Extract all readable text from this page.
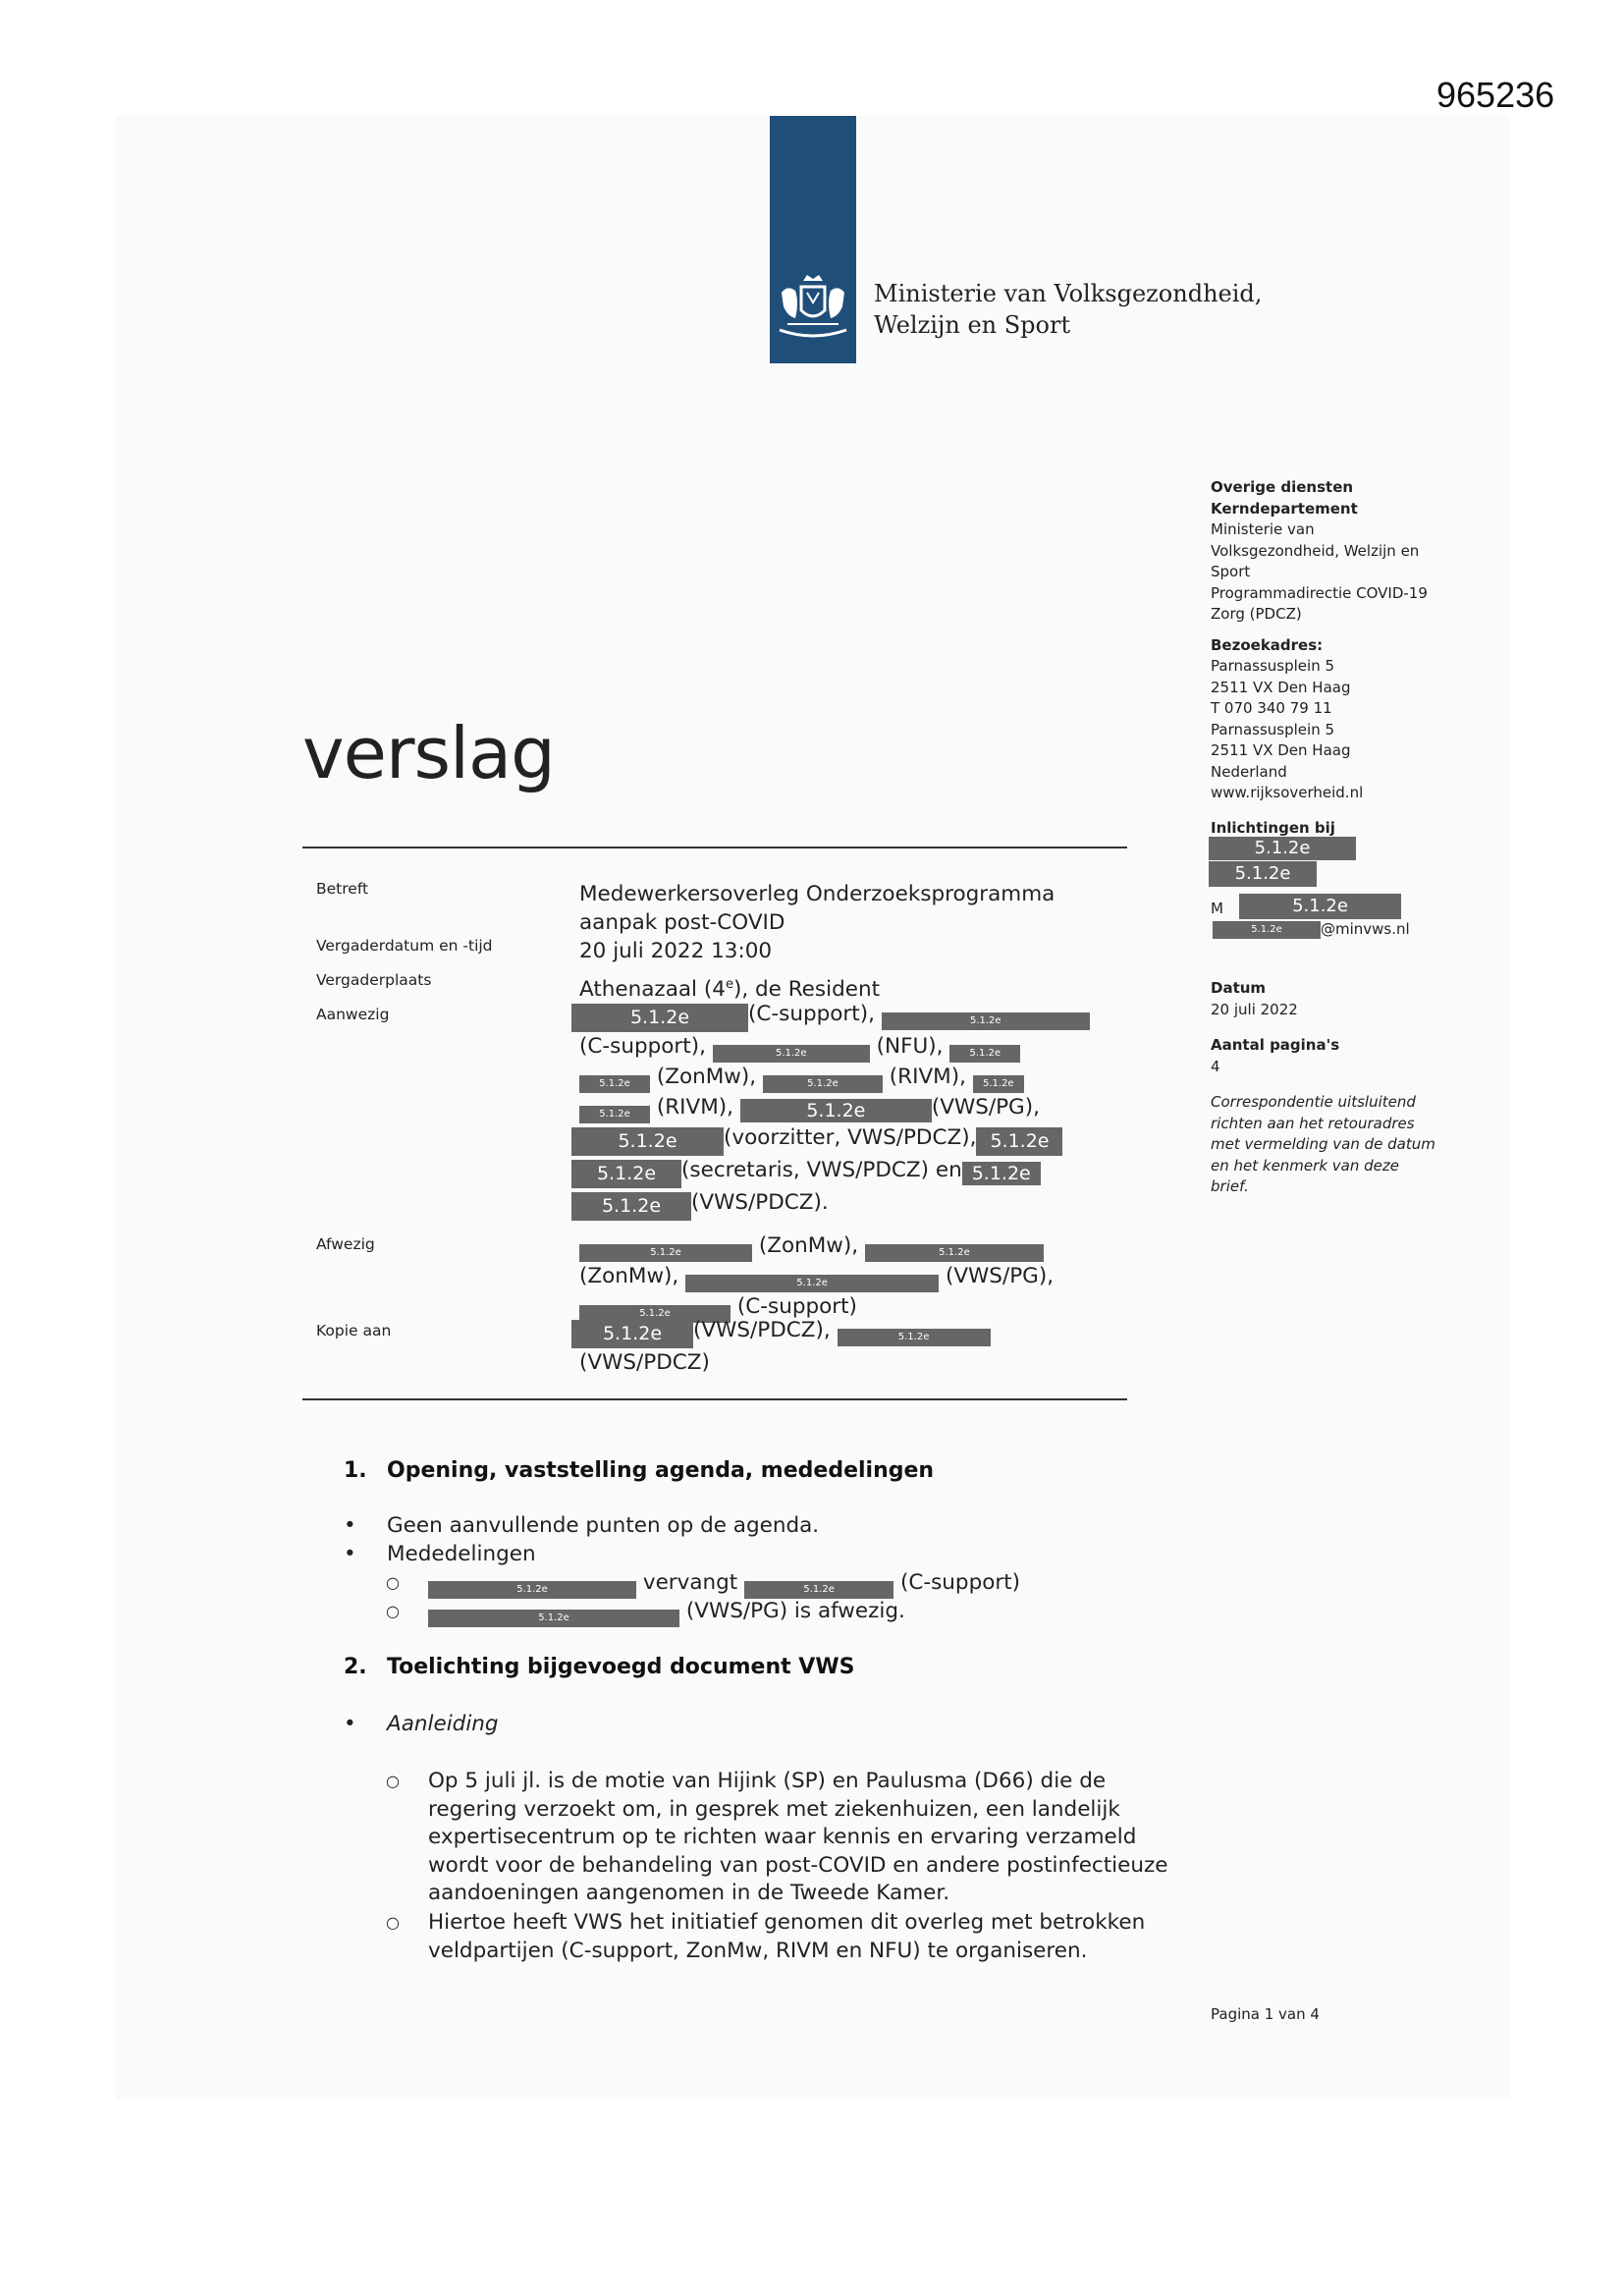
965236
Ministerie van Volksgezondheid,
Welzijn en Sport
Overige diensten
Kerndepartement
Ministerie van
Volksgezondheid, Welzijn en
Sport
Programmadirectie COVID-19
Zorg (PDCZ)
Bezoekadres:
Parnassusplein 5
2511 VX Den Haag
T 070 340 79 11
Parnassusplein 5
2511 VX Den Haag
Nederland
www.rijksoverheid.nl
Inlichtingen bij
5.1.2e
5.1.2e
M	5.1.2e
5.1.2e	@minvws.nl
Datum
20 juli 2022
Aantal pagina's
4
Correspondentie uitsluitend
richten aan het retouradres
met vermelding van de datum
en het kenmerk van deze
brief.
verslag
Betreft	Medewerkersoverleg Onderzoeksprogramma
aanpak post-COVID
Vergaderdatum en -tijd	20 juli 2022 13:00
Vergaderplaats	Athenazaal (4e), de Resident
Aanwezig	5.1.2e	(C-support),	5.1.2e
(C-support),	5.1.2e	(NFU),	5.1.2e
5.1.2e (ZonMw),	5.1.2e (RIVM), 5.1.2e
5.1.2e (RIVM),	5.1.2e	(VWS/PG),
5.1.2e (voorzitter, VWS/PDCZ), 5.1.2e
5.1.2e (secretaris, VWS/PDCZ) en 5.1.2e
5.1.2e (VWS/PDCZ).
Afwezig	5.1.2e	(ZonMw),	5.1.2e
(ZonMw),	5.1.2e	(VWS/PG),
5.1.2e	(C-support)
Kopie aan	5.1.2e (VWS/PDCZ),	5.1.2e
(VWS/PDCZ)
1. Opening, vaststelling agenda, mededelingen
• Geen aanvullende punten op de agenda.
• Mededelingen
○	5.1.2e	vervangt	5.1.2e	(C-support)
○	5.1.2e	(VWS/PG) is afwezig.
2. Toelichting bijgevoegd document VWS
• Aanleiding
○ Op 5 juli jl. is de motie van Hijink (SP) en Paulusma (D66) die de
regering verzoekt om, in gesprek met ziekenhuizen, een landelijk
expertisecentrum op te richten waar kennis en ervaring verzameld
wordt voor de behandeling van post-COVID en andere postinfectieuze
aandoeningen aangenomen in de Tweede Kamer.
○ Hiertoe heeft VWS het initiatief genomen dit overleg met betrokken
veldpartijen (C-support, ZonMw, RIVM en NFU) te organiseren.
Pagina 1 van 4
